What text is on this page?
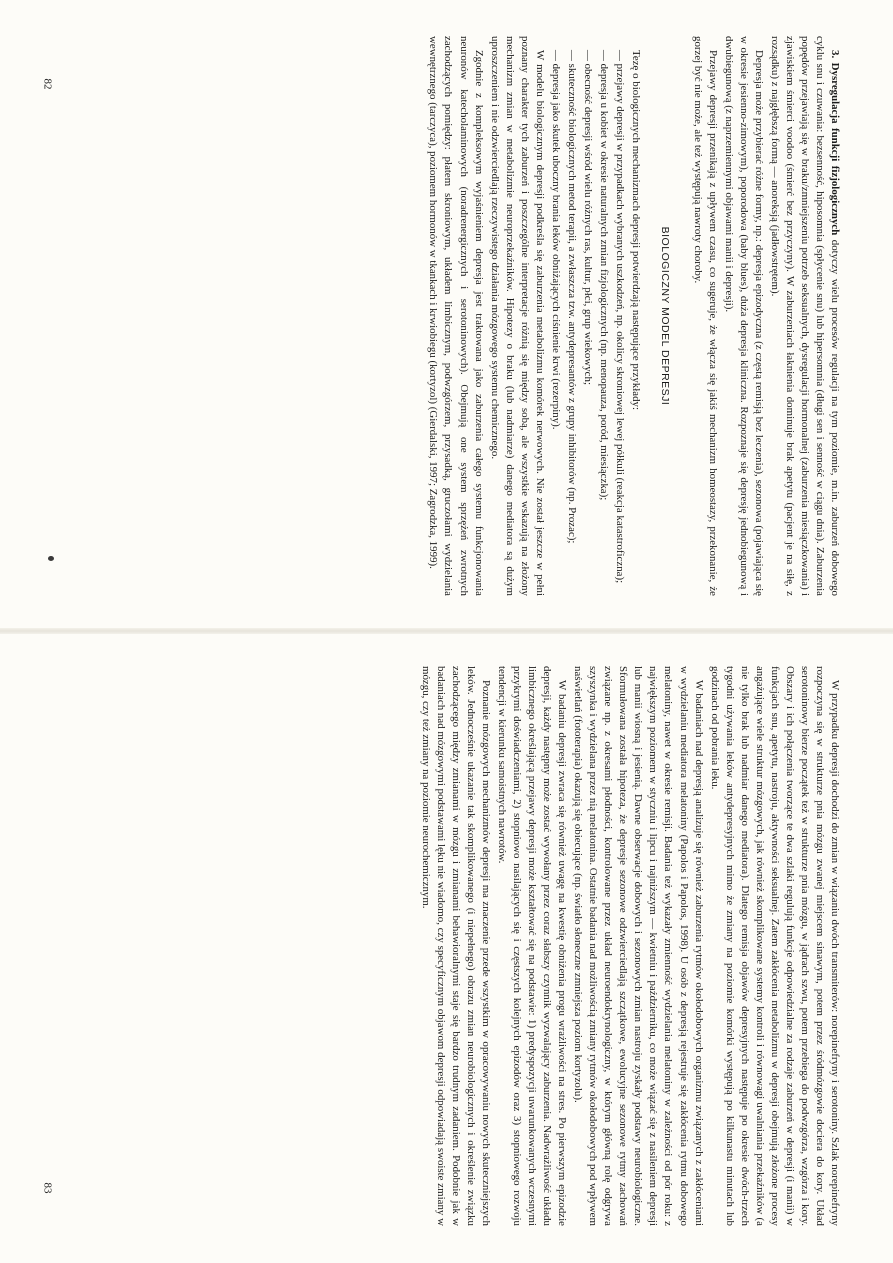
82
83

3. Dysregulacja funkcji fizjologicznych dotyczy wielu procesów regulacji na tym poziomie, m.in. zaburzeń dobowego cyklu snu i czuwania: bezsenność, hiposomnia (spłycenie snu) lub hipersomnia (długi sen i senność w ciągu dnia). Zaburzenia popędów przejawiają się w braku/zmniejszeniu potrzeb seksualnych, dysregulacji hormonalnej (zaburzenia miesiączkowania) i zjawiskiem śmierci voodoo (śmierć bez przyczyny). W zaburzeniach łaknienia dominuje brak apetytu (pacjent je na siłę, z rozsądku) z najgłębszą formą — anoreksją (jadłowstrętem).

Depresja może przybierać różne formy, np.: depresja epizodyczna (z częstą remisją bez leczenia), sezonowa (pojawiająca się w okresie jesienno-zimowym), poporodowa (baby blues), duża depresja kliniczna. Rozpoznaje się depresję jednobiegunową i dwubiegunową (z naprzemiennymi objawami manii i depresji).

Przejawy depresji przenikają z upływem czasu, co sugeruje, że włącza się jakiś mechanizm homeostazy, przekonanie, że gorzej być nie może, ale też występują nawroty choroby.

BIOLOGICZNY MODEL DEPRESJI

Tezę o biologicznych mechanizmach depresji potwierdzają następujące przykłady:

— przejawy depresji w przypadkach wybranych uszkodzeń, np. okolicy skroniowej lewej półkuli (reakcja katastroficzna);

— depresja u kobiet w okresie naturalnych zmian fizjologicznych (np. menopauza, poród, miesiączka);

— obecność depresji wśród wielu różnych ras, kultur, płci, grup wiekowych;

— skuteczność biologicznych metod terapii, a zwłaszcza tzw. antydepresantów z grupy inhibitorów (np. Prozac);

— depresja jako skutek uboczny brania leków obniżających ciśnienie krwi (rezerpiny).

W modelu biologicznym depresji podkreśla się zaburzenia metabolizmu komórek nerwowych. Nie został jeszcze w pełni poznany charakter tych zaburzeń i poszczególne interpretacje różnią się między sobą, ale wszystkie wskazują na złożony mechanizm zmian w metabolizmie neuroprzekaźników. Hipotezy o braku (lub nadmiarze) danego mediatora są dużym uproszczeniem i nie odzwierciedlają rzeczywistego działania mózgowego systemu chemicznego.

Zgodnie z kompleksowym wyjaśnieniem depresja jest traktowana jako zaburzenia całego systemu funkcjonowania neuronów katecholaminowych (noradrenergicznych i serotoninowych). Obejmują one system sprzężeń zwrotnych zachodzących pomiędzy: płatem skroniowym, układem limbicznym, podwzgórzem, przysadką, gruczołami wydzielania wewnętrznego (tarczyca), poziomem hormonów w tkankach i krwiobiegu (kortyzol) (Gierdalski, 1997; Zagrodzka, 1999).

W przypadku depresji dochodzi do zmian w wiązaniu dwóch transmiterów: norepinefryny i serotoniny. Szlak norepinefryny rozpoczyna się w strukturze pnia mózgu zwanej miejscem sinawym, potem przez śródmózgowie dociera do kory. Układ serotoninowy bierze początek też w strukturze pnia mózgu, w jądrach szwu, potem przebiega do podwzgórza, wzgórza i kory. Obszary i ich połączenia tworzące te dwa szlaki regulują funkcje odpowiedzialne za rodzaje zaburzeń w depresji (i manii) w funkcjach snu, apetytu, nastroju, aktywności seksualnej. Zatem zakłócenia metabolizmu w depresji obejmują złożone procesy angażujące wiele struktur mózgowych, jak również skomplikowane systemy kontroli i równowagi uwalniania przekaźników (a nie tylko brak lub nadmiar danego mediatora). Dlatego remisja objawów depresyjnych następuje po okresie dwóch-trzech tygodni używania leków antydepresyjnych mimo że zmiany na poziomie komórki występują po kilkunastu minutach lub godzinach od pobrania leku.

W badaniach nad depresją analizuje się również zaburzenia rytmów okołodobowych organizmu związanych z zakłóceniami w wydzielaniu mediatora melatoniny (Papolos i Papolos, 1998). U osób z depresją rejestruje się zakłócenia rytmu dobowego melatoniny, nawet w okresie remisji. Badania też wykazały zmienność wydzielania melatoniny w zależności od pór roku: z największym poziomem w styczniu i lipcu i najniższym — kwietniu i październiku, co może wiązać się z nasileniem depresji lub manii wiosną i jesienią. Dawne obserwacje dobowych i sezonowych zmian nastroju zyskały podstawy neurobiologiczne. Sformułowana została hipoteza, że depresje sezonowe odzwierciedlają szczątkowe, ewolucyjne sezonowe rytmy zachowań związane np. z okresami płodności, kontrolowane przez układ neuroendokrynologiczny, w którym główną rolę odgrywa szyszynka i wydzielana przez nią melatonina. Ostatnie badania nad możliwością zmiany rytmów okołodobowych pod wpływem naświetlań (fototerapia) okazują się obiecujące (np. światło słoneczne zmniejsza poziom kortyzolu).

W badaniu depresji zwraca się również uwagę na kwestię obniżenia progu wrażliwości na stres. Po pierwszym epizodzie depresji, każdy następny może zostać wywołany przez coraz słabszy czynnik wyzwalający zaburzenia. Nadwrażliwość układu limbicznego określającą przejawy depresji może kształtować się na podstawie: 1) predyspozycji uwarunkowanych wczesnymi przykrymi doświadczeniami, 2) stopniowo nasilających się i częstszych kolejnych epizodów oraz 3) stopniowego rozwoju tendencji w kierunku samoistnych nawrotów.

Poznanie mózgowych mechanizmów depresji ma znaczenie przede wszystkim w opracowywaniu nowych skuteczniejszych leków. Jednocześnie ukazanie tak skomplikowanego (i niepełnego) obrazu zmian neurobiologicznych i określenie związku zachodzącego między zmianami w mózgu i zmianami behawioralnymi staje się bardzo trudnym zadaniem. Podobnie jak w badaniach nad mózgowymi podstawami lęku nie wiadomo, czy specyficznym objawom depresji odpowiadają swoiste zmiany w mózgu, czy też zmiany na poziomie neurochemicznym.
